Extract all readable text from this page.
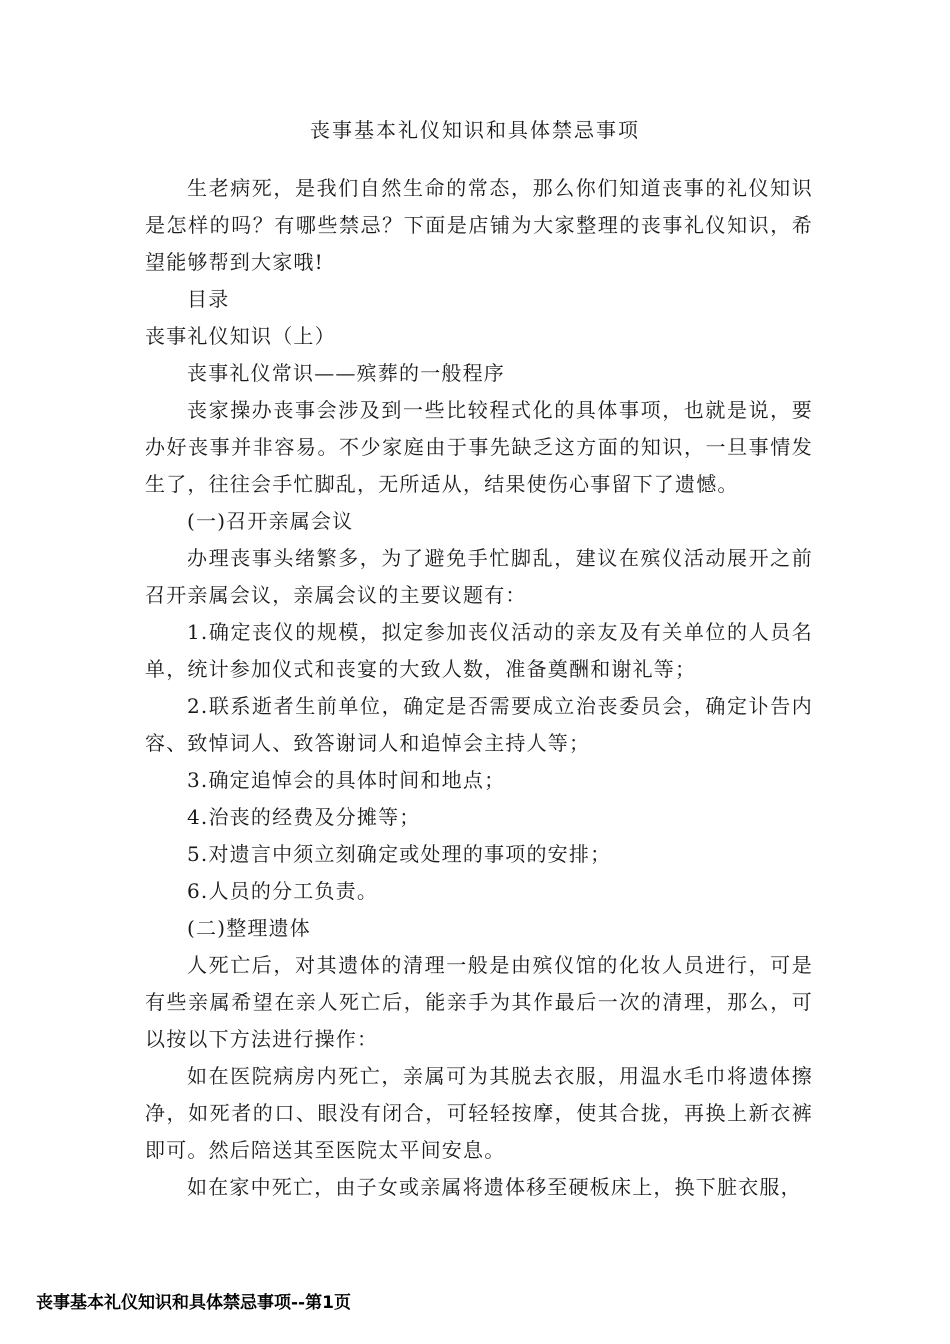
丧事基本礼仪知识和具体禁忌事项

生老病死，是我们自然生命的常态，那么你们知道丧事的礼仪知识是怎样的吗？有哪些禁忌？下面是店铺为大家整理的丧事礼仪知识，希望能够帮到大家哦!

目录

丧事礼仪知识（上）

丧事礼仪常识——殡葬的一般程序

丧家操办丧事会涉及到一些比较程式化的具体事项，也就是说，要办好丧事并非容易。不少家庭由于事先缺乏这方面的知识，一旦事情发生了，往往会手忙脚乱，无所适从，结果使伤心事留下了遗憾。

(一)召开亲属会议

办理丧事头绪繁多，为了避免手忙脚乱，建议在殡仪活动展开之前召开亲属会议，亲属会议的主要议题有：

1.确定丧仪的规模，拟定参加丧仪活动的亲友及有关单位的人员名单，统计参加仪式和丧宴的大致人数，准备奠酬和谢礼等；

2.联系逝者生前单位，确定是否需要成立治丧委员会，确定讣告内容、致悼词人、致答谢词人和追悼会主持人等；

3.确定追悼会的具体时间和地点；

4.治丧的经费及分摊等；

5.对遗言中须立刻确定或处理的事项的安排；

6.人员的分工负责。

(二)整理遗体

人死亡后，对其遗体的清理一般是由殡仪馆的化妆人员进行，可是有些亲属希望在亲人死亡后，能亲手为其作最后一次的清理，那么，可以按以下方法进行操作：

如在医院病房内死亡，亲属可为其脱去衣服，用温水毛巾将遗体擦净，如死者的口、眼没有闭合，可轻轻按摩，使其合拢，再换上新衣裤即可。然后陪送其至医院太平间安息。

如在家中死亡，由子女或亲属将遗体移至硬板床上，换下脏衣服，

丧事基本礼仪知识和具体禁忌事项--第1页
